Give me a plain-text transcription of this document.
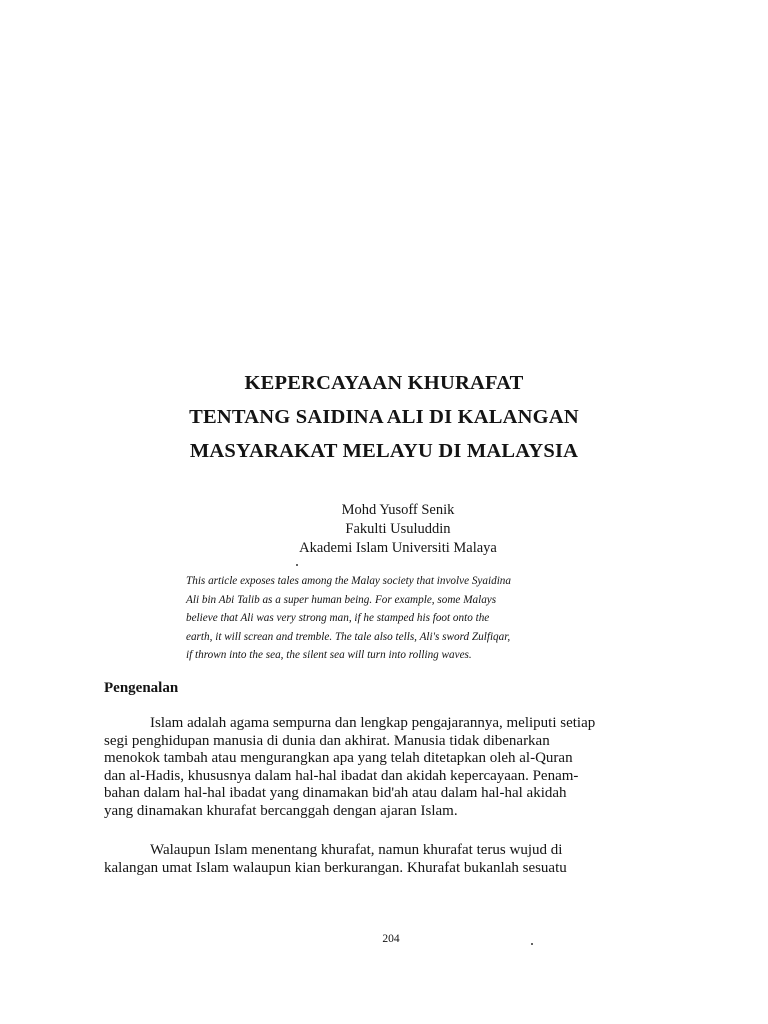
KEPERCAYAAN KHURAFAT
TENTANG SAIDINA ALI DI KALANGAN
MASYARAKAT MELAYU DI MALAYSIA
Mohd Yusoff Senik
Fakulti Usuluddin
Akademi Islam Universiti Malaya
This article exposes tales among the Malay society that involve Syaidina
Ali bin Abi Talib as a super human being. For example, some Malays
believe that Ali was very strong man, if he stamped his foot onto the
earth, it will screan and tremble. The tale also tells, Ali's sword Zulfiqar,
if thrown into the sea, the silent sea will turn into rolling waves.
Pengenalan
Islam adalah agama sempurna dan lengkap pengajarannya, meliputi setiap
segi penghidupan manusia di dunia dan akhirat. Manusia tidak dibenarkan
menokok tambah atau mengurangkan apa yang telah ditetapkan oleh al-Quran
dan al-Hadis, khususnya dalam hal-hal ibadat dan akidah kepercayaan. Penam-
bahan dalam hal-hal ibadat yang dinamakan bid'ah atau dalam hal-hal akidah
yang dinamakan khurafat bercanggah dengan ajaran Islam.
Walaupun Islam menentang khurafat, namun khurafat terus wujud di
kalangan umat Islam walaupun kian berkurangan. Khurafat bukanlah sesuatu
204
